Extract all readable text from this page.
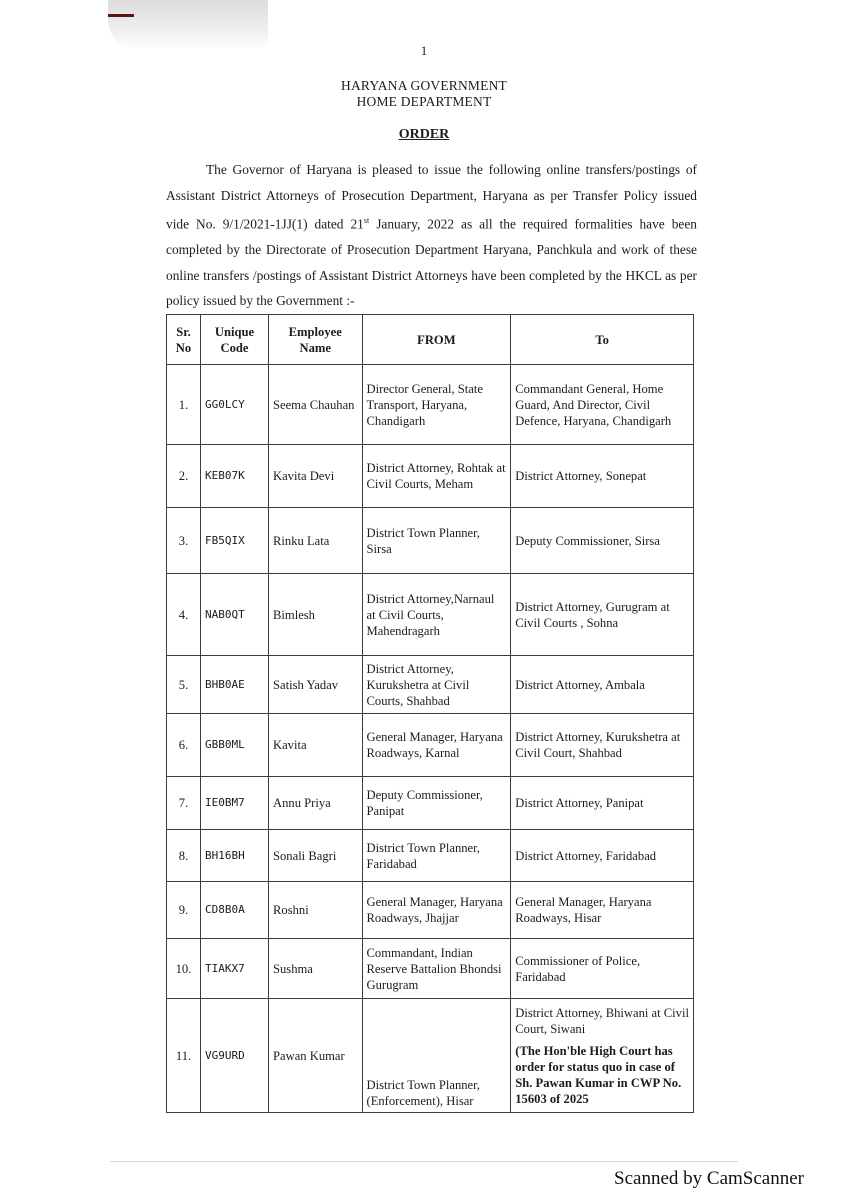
1
HARYANA GOVERNMENT
HOME DEPARTMENT
ORDER

The Governor of Haryana is pleased to issue the following online transfers/postings of Assistant District Attorneys of Prosecution Department, Haryana as per Transfer Policy issued vide No. 9/1/2021-1JJ(1) dated 21st January, 2022 as all the required formalities have been completed by the Directorate of Prosecution Department Haryana, Panchkula and work of these online transfers /postings of Assistant District Attorneys have been completed by the HKCL as per policy issued by the Government :-

Sr. No	Unique Code	Employee Name	FROM	To
1.	GG0LCY	Seema Chauhan	Director General, State Transport, Haryana, Chandigarh	Commandant General, Home Guard, And Director, Civil Defence, Haryana, Chandigarh
2.	KEB07K	Kavita Devi	District Attorney, Rohtak at Civil Courts, Meham	District Attorney, Sonepat
3.	FB5QIX	Rinku Lata	District Town Planner, Sirsa	Deputy Commissioner, Sirsa
4.	NAB0QT	Bimlesh	District Attorney,Narnaul at Civil Courts, Mahendragarh	District Attorney, Gurugram at Civil Courts , Sohna
5.	BHB0AE	Satish Yadav	District Attorney, Kurukshetra at Civil Courts, Shahbad	District Attorney, Ambala
6.	GBB0ML	Kavita	General Manager, Haryana Roadways, Karnal	District Attorney, Kurukshetra at Civil Court, Shahbad
7.	IE0BM7	Annu Priya	Deputy Commissioner, Panipat	District Attorney, Panipat
8.	BH16BH	Sonali Bagri	District Town Planner, Faridabad	District Attorney, Faridabad
9.	CD8B0A	Roshni	General Manager, Haryana Roadways, Jhajjar	General Manager, Haryana Roadways, Hisar
10.	TIAKX7	Sushma	Commandant, Indian Reserve Battalion Bhondsi Gurugram	Commissioner of Police, Faridabad
11.	VG9URD	Pawan Kumar	District Town Planner, (Enforcement), Hisar	District Attorney, Bhiwani at Civil Court, Siwani
(The Hon'ble High Court has order for status quo in case of Sh. Pawan Kumar in CWP No. 15603 of 2025
Scanned by CamScanner
